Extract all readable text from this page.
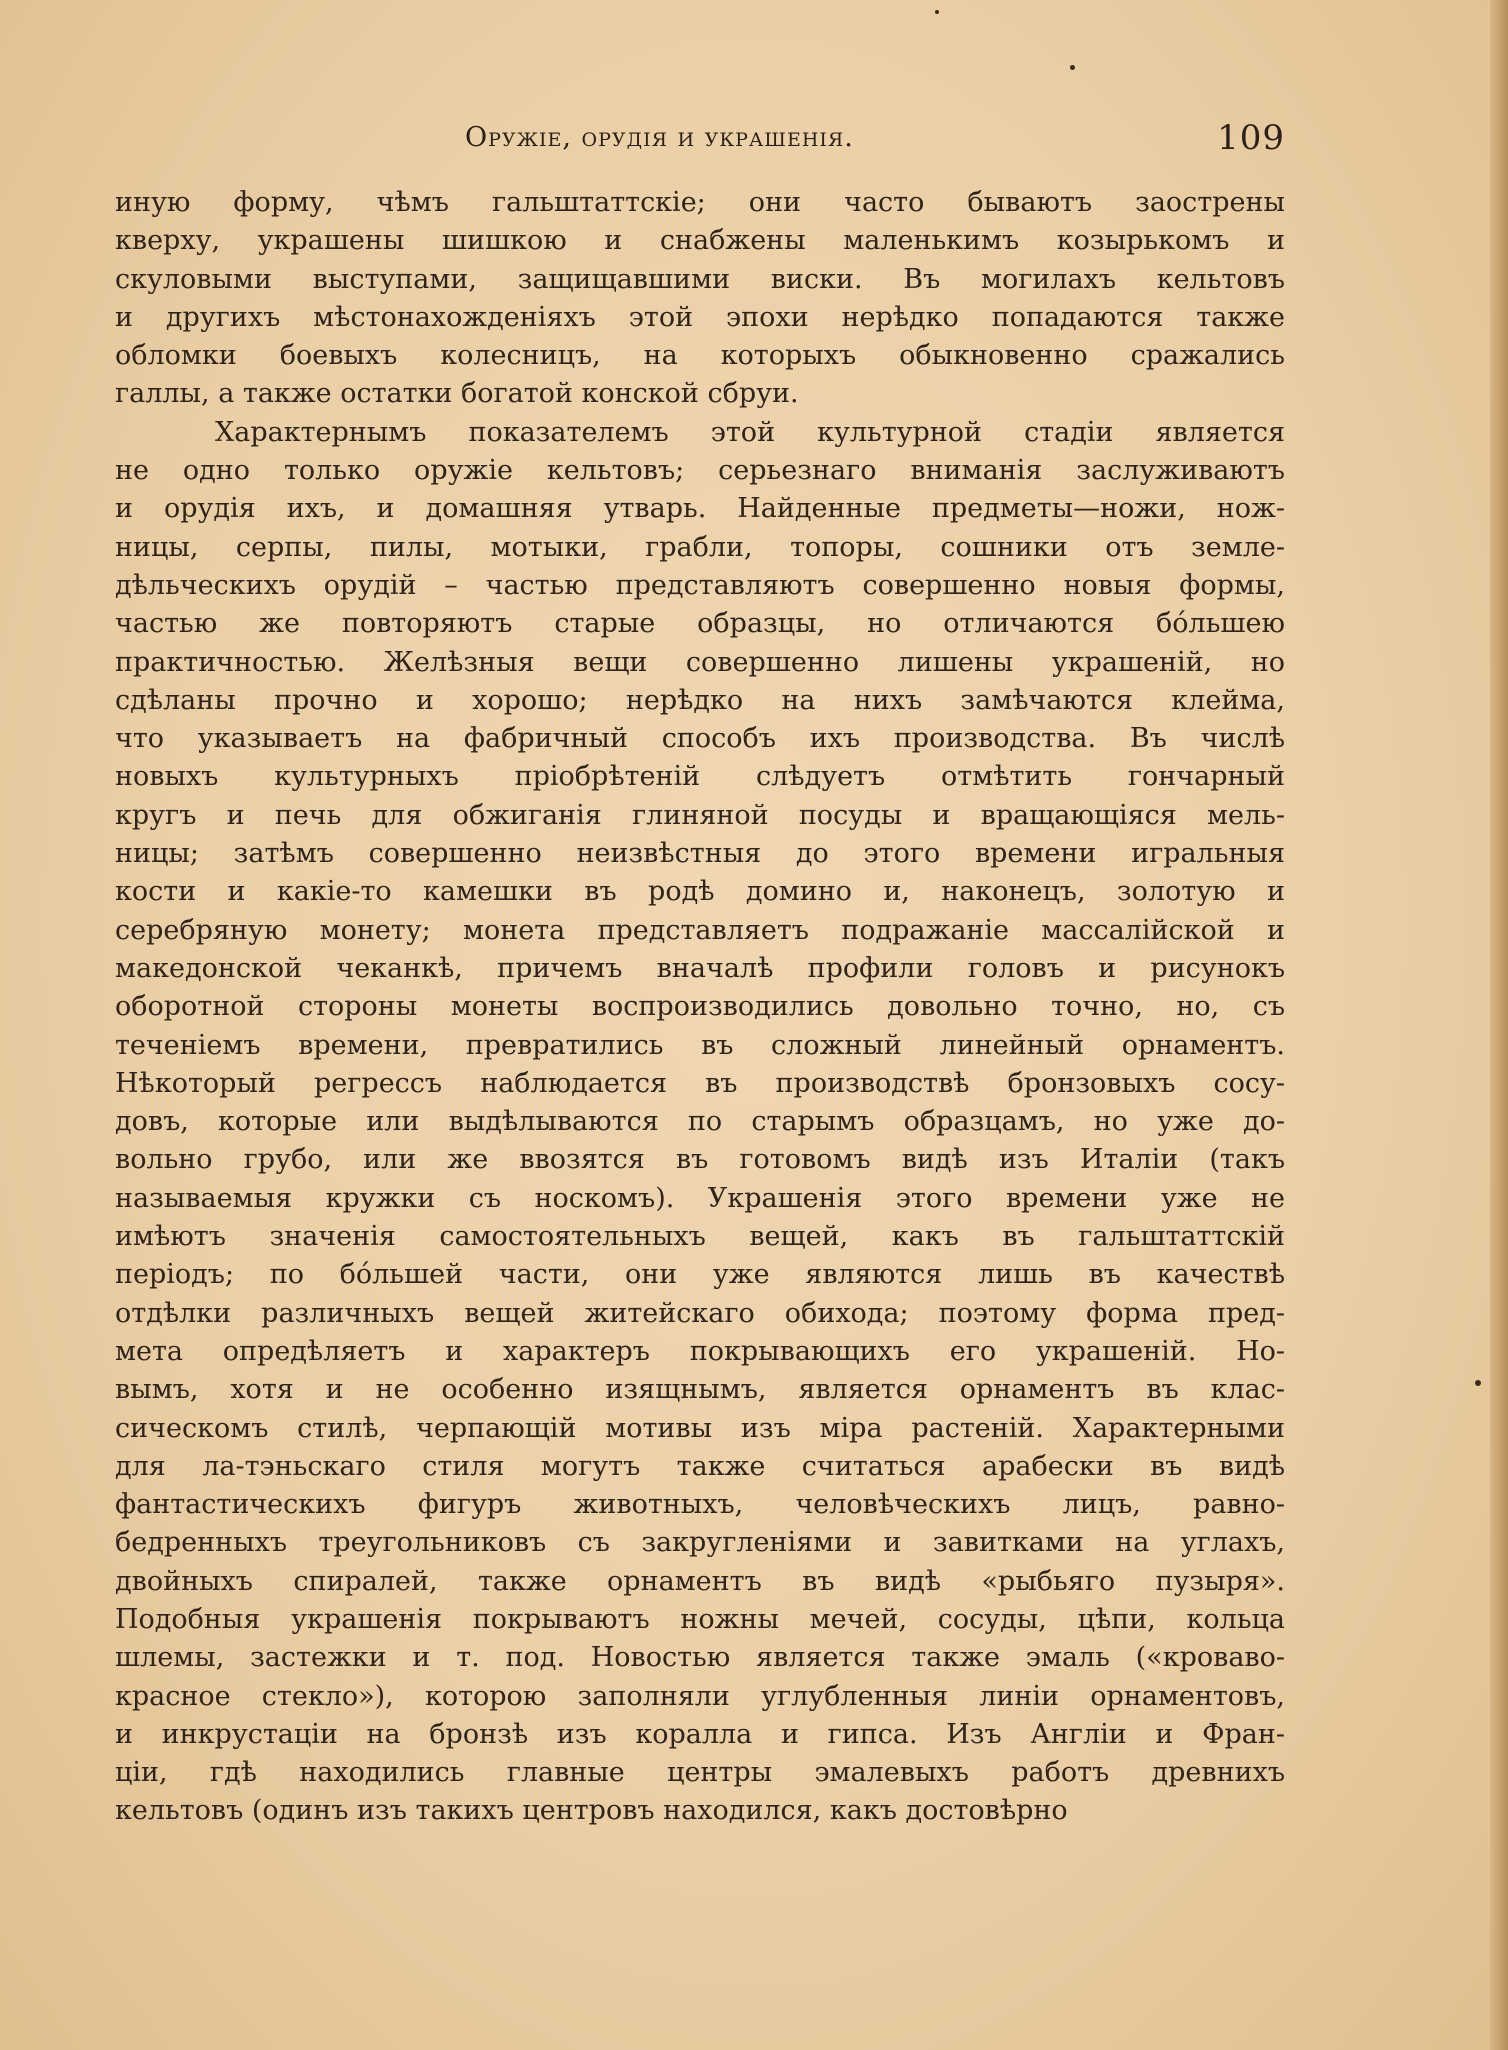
Оружіе, орудія и украшенія.	109
иную форму, чѣмъ гальштаттскіе; они часто бываютъ заострены
кверху, украшены шишкою и снабжены маленькимъ козырькомъ и
скуловыми выступами, защищавшими виски. Въ могилахъ кельтовъ
и другихъ мѣстонахожденіяхъ этой эпохи нерѣдко попадаются также
обломки боевыхъ колесницъ, на которыхъ обыкновенно сражались
галлы, а также остатки богатой конской сбруи.
Характернымъ показателемъ этой культурной стадіи является
не одно только оружіе кельтовъ; серьезнаго вниманія заслуживаютъ
и орудія ихъ, и домашняя утварь. Найденные предметы—ножи, нож-
ницы, серпы, пилы, мотыки, грабли, топоры, сошники отъ земле-
дѣльческихъ орудій – частью представляютъ совершенно новыя формы,
частью же повторяютъ старые образцы, но отличаются бóльшею
практичностью. Желѣзныя вещи совершенно лишены украшеній, но
сдѣланы прочно и хорошо; нерѣдко на нихъ замѣчаются клейма,
что указываетъ на фабричный способъ ихъ производства. Въ числѣ
новыхъ культурныхъ пріобрѣтеній слѣдуетъ отмѣтить гончарный
кругъ и печь для обжиганія глиняной посуды и вращающіяся мель-
ницы; затѣмъ совершенно неизвѣстныя до этого времени игральныя
кости и какіе-то камешки въ родѣ домино и, наконецъ, золотую и
серебряную монету; монета представляетъ подражаніе массалійской и
македонской чеканкѣ, причемъ вначалѣ профили головъ и рисунокъ
оборотной стороны монеты воспроизводились довольно точно, но, съ
теченіемъ времени, превратились въ сложный линейный орнаментъ.
Нѣкоторый регрессъ наблюдается въ производствѣ бронзовыхъ сосу-
довъ, которые или выдѣлываются по старымъ образцамъ, но уже до-
вольно грубо, или же ввозятся въ готовомъ видѣ изъ Италіи (такъ
называемыя кружки съ носкомъ). Украшенія этого времени уже не
имѣютъ значенія самостоятельныхъ вещей, какъ въ гальштаттскій
періодъ; по бóльшей части, они уже являются лишь въ качествѣ
отдѣлки различныхъ вещей житейскаго обихода; поэтому форма пред-
мета опредѣляетъ и характеръ покрывающихъ его украшеній. Но-
вымъ, хотя и не особенно изящнымъ, является орнаментъ въ клас-
сическомъ стилѣ, черпающій мотивы изъ міра растеній. Характерными
для ла-тэньскаго стиля могутъ также считаться арабески въ видѣ
фантастическихъ фигуръ животныхъ, человѣческихъ лицъ, равно-
бедренныхъ треугольниковъ съ закругленіями и завитками на углахъ,
двойныхъ спиралей, также орнаментъ въ видѣ «рыбьяго пузыря».
Подобныя украшенія покрываютъ ножны мечей, сосуды, цѣпи, кольца
шлемы, застежки и т. под. Новостью является также эмаль («кроваво-
красное стекло»), которою заполняли углубленныя линіи орнаментовъ,
и инкрустаціи на бронзѣ изъ коралла и гипса. Изъ Англіи и Фран-
ціи, гдѣ находились главные центры эмалевыхъ работъ древнихъ
кельтовъ (одинъ изъ такихъ центровъ находился, какъ достовѣрно
